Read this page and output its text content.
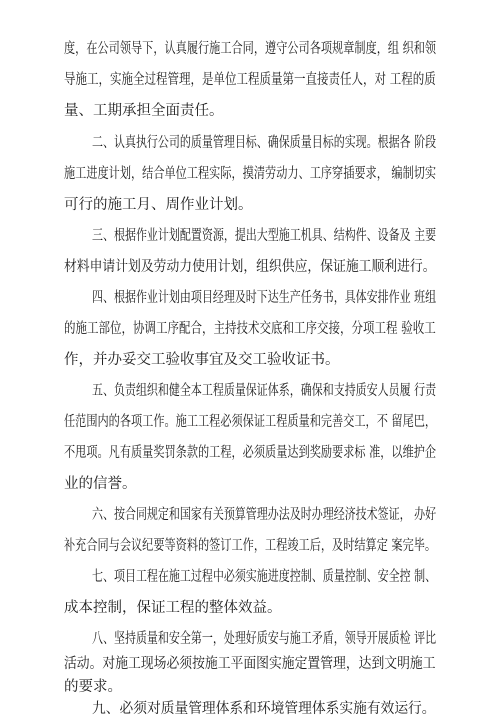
度，在公司领导下，认真履行施工合同，遵守公司各项规章制度，组 织和领
导施工，实施全过程管理，是单位工程质量第一直接责任人，对 工程的质
量、工期承担全面责任。
二、认真执行公司的质量管理目标、确保质量目标的实现。根据各 阶段
施工进度计划，结合单位工程实际，摸清劳动力、工序穿插要求， 编制切实
可行的施工月、周作业计划。
三、根据作业计划配置资源，提出大型施工机具、结构件、设备及 主要
材料申请计划及劳动力使用计划，组织供应，保证施工顺利进行。
四、根据作业计划由项目经理及时下达生产任务书，具体安排作业 班组
的施工部位，协调工序配合，主持技术交底和工序交接，分项工程 验收工
作，并办妥交工验收事宜及交工验收证书。
五、负责组织和健全本工程质量保证体系，确保和支持质安人员履 行责
任范围内的各项工作。施工工程必须保证工程质量和完善交工，不 留尾巴，
不甩项。凡有质量奖罚条款的工程，必须质量达到奖励要求标 准，以维护企
业的信誉。
六、按合同规定和国家有关预算管理办法及时办理经济技术签证， 办好
补充合同与会议纪要等资料的签订工作，工程竣工后，及时结算定 案完毕。
七、项目工程在施工过程中必须实施进度控制、质量控制、安全控 制、
成本控制，保证工程的整体效益。
八、坚持质量和安全第一，处理好质安与施工矛盾，领导开展质检 评比
活动。对施工现场必须按施工平面图实施定置管理，达到文明施工
的要求。
九、必须对质量管理体系和环境管理体系实施有效运行。
